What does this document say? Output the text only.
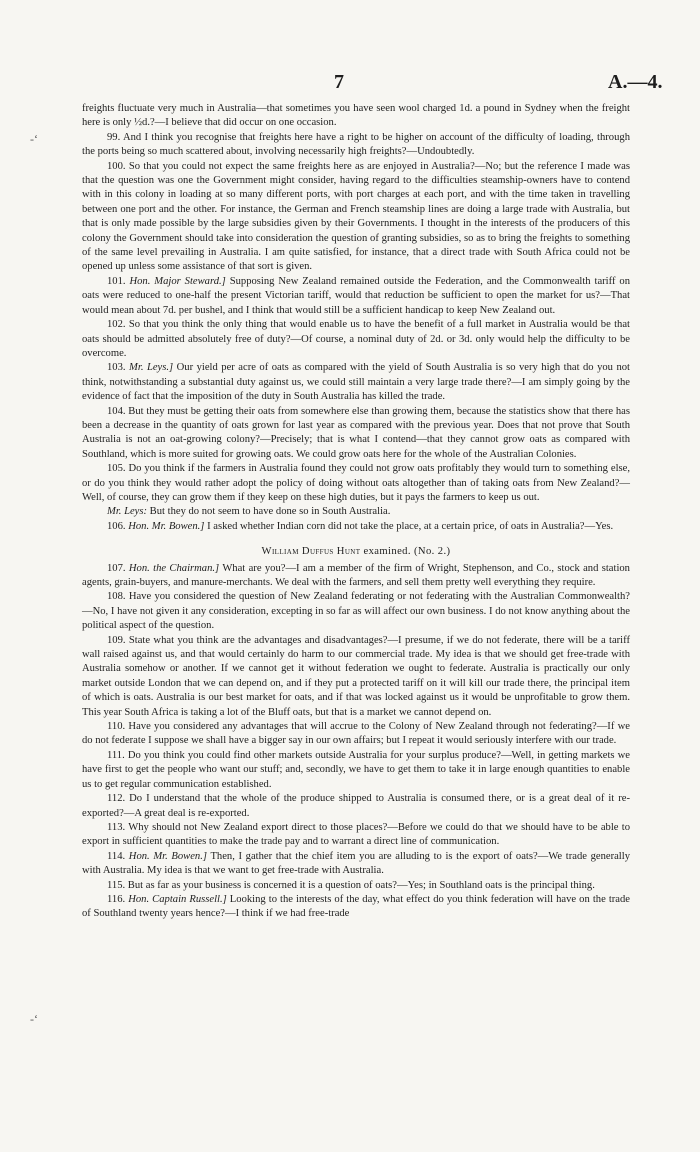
7	A.—4.
-‘
-‘

freights fluctuate very much in Australia—that sometimes you have seen wool charged 1d. a pound in Sydney when the freight here is only ½d.?—I believe that did occur on one occasion.

99. And I think you recognise that freights here have a right to be higher on account of the difficulty of loading, through the ports being so much scattered about, involving necessarily high freights?—Undoubtedly.

100. So that you could not expect the same freights here as are enjoyed in Australia?—No; but the reference I made was that the question was one the Government might consider, having regard to the difficulties steamship-owners have to contend with in this colony in loading at so many different ports, with port charges at each port, and with the time taken in travelling between one port and the other. For instance, the German and French steamship lines are doing a large trade with Australia, but that is only made possible by the large subsidies given by their Governments. I thought in the interests of the producers of this colony the Government should take into consideration the question of granting subsidies, so as to bring the freights to something of the same level prevailing in Australia. I am quite satisfied, for instance, that a direct trade with South Africa could not be opened up unless some assistance of that sort is given.

101. Hon. Major Steward.] Supposing New Zealand remained outside the Federation, and the Commonwealth tariff on oats were reduced to one-half the present Victorian tariff, would that reduction be sufficient to open the market for us?—That would mean about 7d. per bushel, and I think that would still be a sufficient handicap to keep New Zealand out.

102. So that you think the only thing that would enable us to have the benefit of a full market in Australia would be that oats should be admitted absolutely free of duty?—Of course, a nominal duty of 2d. or 3d. only would help the difficulty to be overcome.

103. Mr. Leys.] Our yield per acre of oats as compared with the yield of South Australia is so very high that do you not think, notwithstanding a substantial duty against us, we could still maintain a very large trade there?—I am simply going by the evidence of fact that the imposition of the duty in South Australia has killed the trade.

104. But they must be getting their oats from somewhere else than growing them, because the statistics show that there has been a decrease in the quantity of oats grown for last year as compared with the previous year. Does that not prove that South Australia is not an oat-growing colony?—Precisely; that is what I contend—that they cannot grow oats as compared with Southland, which is more suited for growing oats. We could grow oats here for the whole of the Australian Colonies.

105. Do you think if the farmers in Australia found they could not grow oats profitably they would turn to something else, or do you think they would rather adopt the policy of doing without oats altogether than of taking oats from New Zealand?—Well, of course, they can grow them if they keep on these high duties, but it pays the farmers to keep us out.

Mr. Leys: But they do not seem to have done so in South Australia.

106. Hon. Mr. Bowen.] I asked whether Indian corn did not take the place, at a certain price, of oats in Australia?—Yes.

William Duffus Hunt examined. (No. 2.)

107. Hon. the Chairman.] What are you?—I am a member of the firm of Wright, Stephenson, and Co., stock and station agents, grain-buyers, and manure-merchants. We deal with the farmers, and sell them pretty well everything they require.

108. Have you considered the question of New Zealand federating or not federating with the Australian Commonwealth?—No, I have not given it any consideration, excepting in so far as will affect our own business. I do not know anything about the political aspect of the question.

109. State what you think are the advantages and disadvantages?—I presume, if we do not federate, there will be a tariff wall raised against us, and that would certainly do harm to our commercial trade. My idea is that we should get free-trade with Australia somehow or another. If we cannot get it without federation we ought to federate. Australia is practically our only market outside London that we can depend on, and if they put a protected tariff on it will kill our trade there, the principal item of which is oats. Australia is our best market for oats, and if that was locked against us it would be unprofitable to grow them. This year South Africa is taking a lot of the Bluff oats, but that is a market we cannot depend on.

110. Have you considered any advantages that will accrue to the Colony of New Zealand through not federating?—If we do not federate I suppose we shall have a bigger say in our own affairs; but I repeat it would seriously interfere with our trade.

111. Do you think you could find other markets outside Australia for your surplus produce?—Well, in getting markets we have first to get the people who want our stuff; and, secondly, we have to get them to take it in large enough quantities to enable us to get regular communication established.

112. Do I understand that the whole of the produce shipped to Australia is consumed there, or is a great deal of it re-exported?—A great deal is re-exported.

113. Why should not New Zealand export direct to those places?—Before we could do that we should have to be able to export in sufficient quantities to make the trade pay and to warrant a direct line of communication.

114. Hon. Mr. Bowen.] Then, I gather that the chief item you are alluding to is the export of oats?—We trade generally with Australia. My idea is that we want to get free-trade with Australia.

115. But as far as your business is concerned it is a question of oats?—Yes; in Southland oats is the principal thing.

116. Hon. Captain Russell.] Looking to the interests of the day, what effect do you think federation will have on the trade of Southland twenty years hence?—I think if we had free-trade
